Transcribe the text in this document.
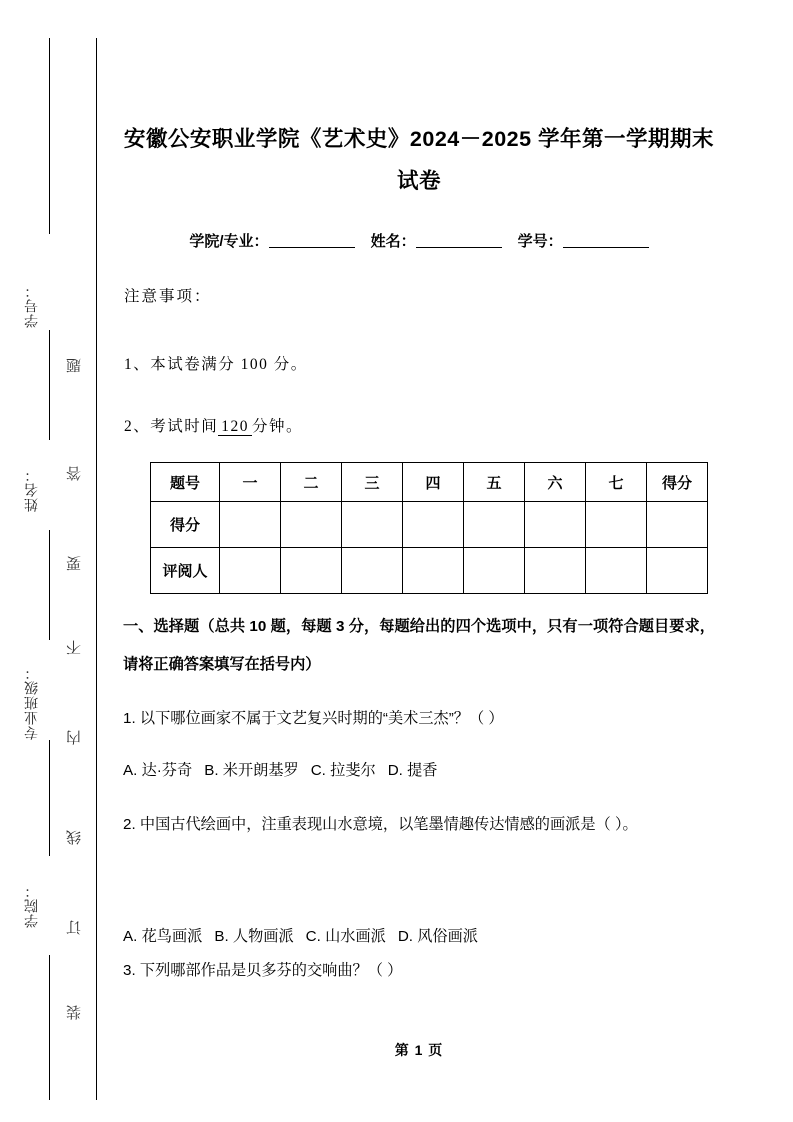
学号：
姓名：
专业班级：
学院：
题
答
要
不
内
线
订
装
安徽公安职业学院《艺术史》2024－2025 学年第一学期期末试卷
学院/专业：	姓名：	学号：
注意事项：
1、本试卷满分 100 分。
2、考试时间 120 分钟。
题号	一	二	三	四	五	六	七	得分
得分								
评阅人								
一、选择题（总共 10 题，每题 3 分，每题给出的四个选项中，只有一项符合题目要求，请将正确答案填写在括号内）
1. 以下哪位画家不属于文艺复兴时期的“美术三杰”？（ ）
A. 达·芬奇 B. 米开朗基罗 C. 拉斐尔 D. 提香
2. 中国古代绘画中，注重表现山水意境，以笔墨情趣传达情感的画派是（ ）。
A. 花鸟画派 B. 人物画派 C. 山水画派 D. 风俗画派
3. 下列哪部作品是贝多芬的交响曲？（ ）
第 1 页
